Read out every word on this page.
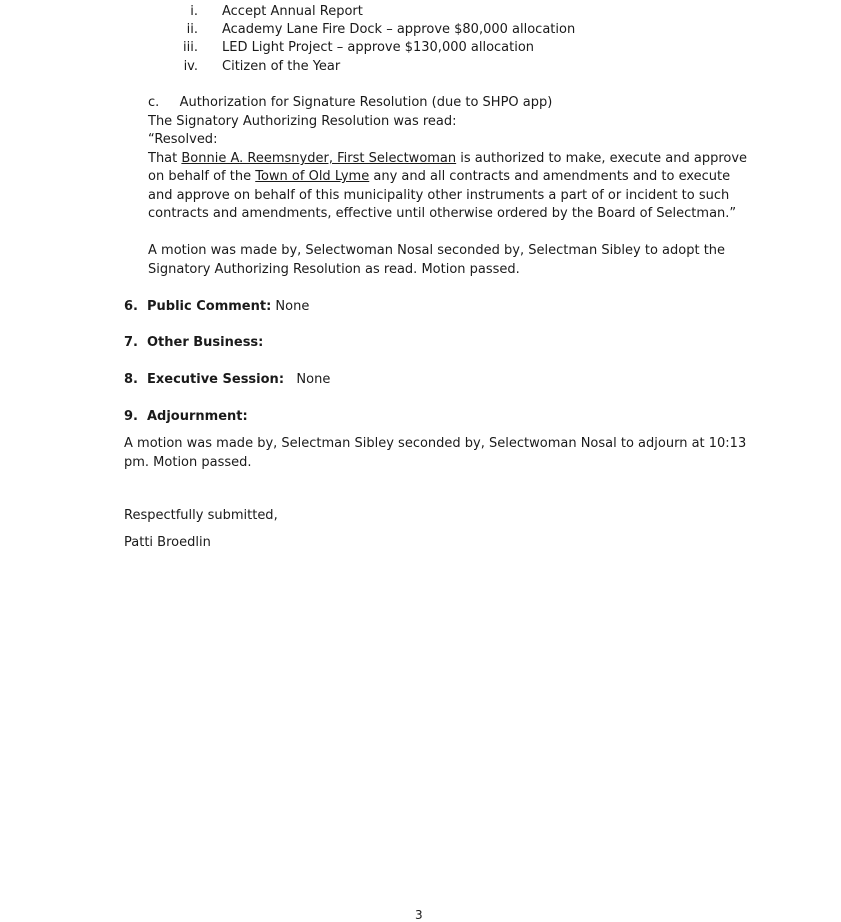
i. Accept Annual Report
ii. Academy Lane Fire Dock – approve $80,000 allocation
iii. LED Light Project – approve $130,000 allocation
iv. Citizen of the Year
c. Authorization for Signature Resolution (due to SHPO app)
The Signatory Authorizing Resolution was read:
“Resolved:
That Bonnie A. Reemsnyder, First Selectwoman is authorized to make, execute and approve
on behalf of the Town of Old Lyme any and all contracts and amendments and to execute
and approve on behalf of this municipality other instruments a part of or incident to such
contracts and amendments, effective until otherwise ordered by the Board of Selectman.”
A motion was made by, Selectwoman Nosal seconded by, Selectman Sibley to adopt the
Signatory Authorizing Resolution as read. Motion passed.
6. Public Comment: None
7. Other Business:
8. Executive Session:   None
9. Adjournment:
A motion was made by, Selectman Sibley seconded by, Selectwoman Nosal to adjourn at 10:13
pm. Motion passed.
Respectfully submitted,
Patti Broedlin
3
